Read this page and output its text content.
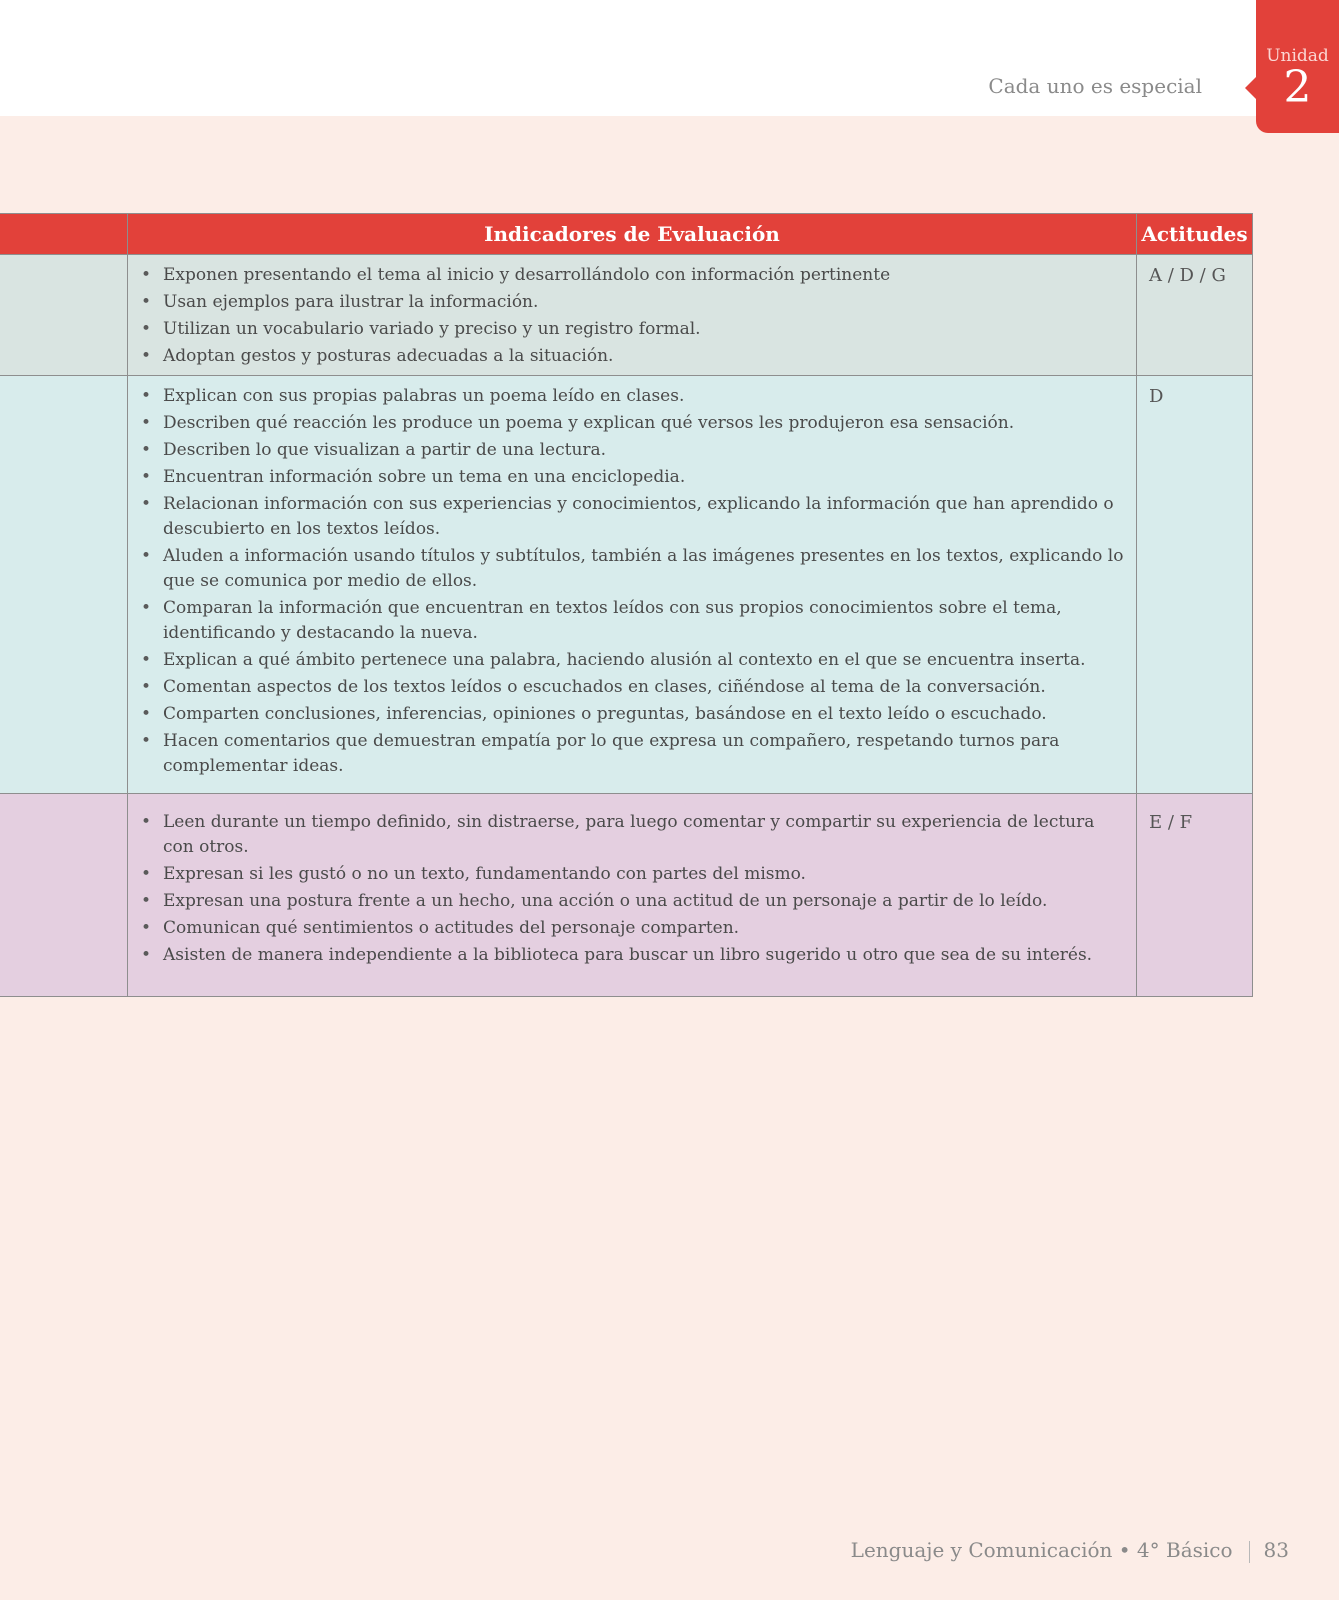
Cada uno es especial
Unidad
2
Indicadores de Evaluación	Actitudes
• Exponen presentando el tema al inicio y desarrollándolo con información pertinente
• Usan ejemplos para ilustrar la información.
• Utilizan un vocabulario variado y preciso y un registro formal.
• Adoptan gestos y posturas adecuadas a la situación.
A / D / G
• Explican con sus propias palabras un poema leído en clases.
• Describen qué reacción les produce un poema y explican qué versos les produjeron esa sensación.
• Describen lo que visualizan a partir de una lectura.
• Encuentran información sobre un tema en una enciclopedia.
• Relacionan información con sus experiencias y conocimientos, explicando la información que han aprendido o descubierto en los textos leídos.
• Aluden a información usando títulos y subtítulos, también a las imágenes presentes en los textos, explicando lo que se comunica por medio de ellos.
• Comparan la información que encuentran en textos leídos con sus propios conocimientos sobre el tema, identificando y destacando la nueva.
• Explican a qué ámbito pertenece una palabra, haciendo alusión al contexto en el que se encuentra inserta.
• Comentan aspectos de los textos leídos o escuchados en clases, ciñéndose al tema de la conversación.
• Comparten conclusiones, inferencias, opiniones o preguntas, basándose en el texto leído o escuchado.
• Hacen comentarios que demuestran empatía por lo que expresa un compañero, respetando turnos para complementar ideas.
D
• Leen durante un tiempo definido, sin distraerse, para luego comentar y compartir su experiencia de lectura con otros.
• Expresan si les gustó o no un texto, fundamentando con partes del mismo.
• Expresan una postura frente a un hecho, una acción o una actitud de un personaje a partir de lo leído.
• Comunican qué sentimientos o actitudes del personaje comparten.
• Asisten de manera independiente a la biblioteca para buscar un libro sugerido u otro que sea de su interés.
E / F
Lenguaje y Comunicación • 4° Básico 83
